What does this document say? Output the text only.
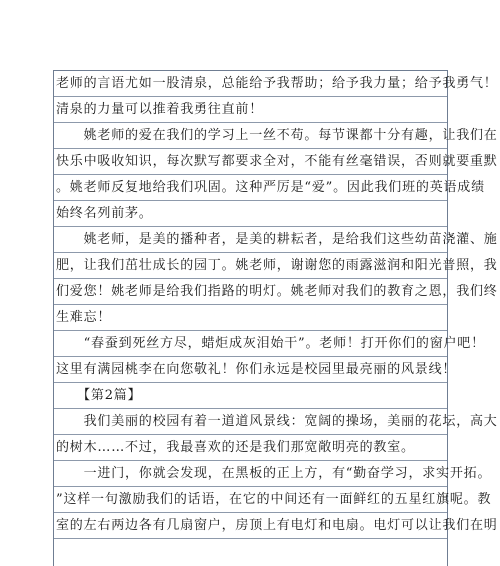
老师的言语尤如一股清泉，总能给予我帮助；给予我力量；给予我勇气！
清泉的力量可以推着我勇往直前！
　　姚老师的爱在我们的学习上一丝不苟。每节课都十分有趣，让我们在
快乐中吸收知识，每次默写都要求全对，不能有丝毫错误，否则就要重默
。姚老师反复地给我们巩固。这种严厉是“爱”。因此我们班的英语成绩
始终名列前茅。
　　姚老师，是美的播种者，是美的耕耘者，是给我们这些幼苗浇灌、施
肥，让我们茁壮成长的园丁。姚老师，谢谢您的雨露滋润和阳光普照，我
们爱您！姚老师是给我们指路的明灯。姚老师对我们的教育之恩，我们终
生难忘！
　　“春蚕到死丝方尽，蜡炬成灰泪始干”。老师！打开你们的窗户吧！
这里有满园桃李在向您敬礼！你们永远是校园里最亮丽的风景线！
　　【第2篇】
　　我们美丽的校园有着一道道风景线：宽阔的操场，美丽的花坛，高大
的树木……不过，我最喜欢的还是我们那宽敞明亮的教室。
　　一进门，你就会发现，在黑板的正上方，有“勤奋学习，求实开拓。
”这样一句激励我们的话语，在它的中间还有一面鲜红的五星红旗呢。教
室的左右两边各有几扇窗户，房顶上有电灯和电扇。电灯可以让我们在明
